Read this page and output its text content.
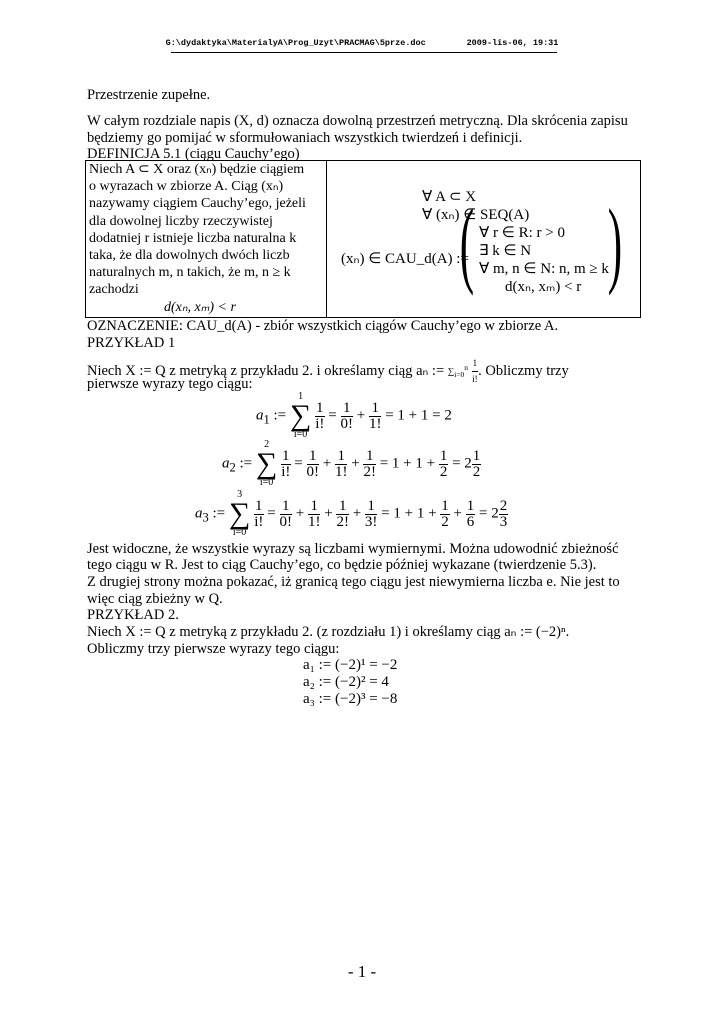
G:\dydaktyka\MaterialyA\Prog_Uzyt\PRACMAG\5prze.doc	2009-lis-06, 19:31
Przestrzenie zupełne.
W całym rozdziale napis (X, d) oznacza dowolną przestrzeń metryczną. Dla skrócenia zapisu
będziemy go pomijać w sformułowaniach wszystkich twierdzeń i definicji.
DEFINICJA 5.1 (ciągu Cauchy’ego)
Niech A ⊂ X oraz (xₙ) będzie ciągiem
o wyrazach w zbiorze A. Ciąg (xₙ)
nazywamy ciągiem Cauchy’ego, jeżeli
dla dowolnej liczby rzeczywistej
dodatniej r istnieje liczba naturalna k
taka, że dla dowolnych dwóch liczb
naturalnych m, n takich, że m, n ≥ k
zachodzi
d(xₙ, xₘ) < r

∀ A ⊂ X
∀ (xₙ) ∈ SEQ(A)
(xₙ) ∈ CAU_d(A) :=
( ∀ r ∈ R: r > 0
∃ k ∈ N
∀ m, n ∈ N: n, m ≥ k
d(xₙ, xₘ) < r )
OZNACZENIE: CAU_d(A) - zbiór wszystkich ciągów Cauchy’ego w zbiorze A.
PRZYKŁAD 1
Niech X := Q z metryką z przykładu 2. i określamy ciąg aₙ := $\sum_{i=0}^n \frac{1}{i!}$ . Obliczmy trzy
pierwsze wyrazy tego ciągu:
$a_1$ := 1
∑
i=0
$\frac{1}{i!} = \frac{1}{0!} + \frac{1}{1!} = 1 + 1 = 2$
$a_2$ := 2
∑
i=0
$\frac{1}{i!} = \frac{1}{0!} + \frac{1}{1!} + \frac{1}{2!} = 1 + 1 + \frac{1}{2} = 2 \frac{1}{2}$
$a_3$ := 3
∑
i=0
$\frac{1}{i!} = \frac{1}{0!} + \frac{1}{1!} + \frac{1}{2!} + \frac{1}{3!} = 1 + 1 + \frac{1}{2} + \frac{1}{6} = 2 \frac{2}{3}$
Jest widoczne, że wszystkie wyrazy są liczbami wymiernymi. Można udowodnić zbieżność
tego ciągu w R. Jest to ciąg Cauchy’ego, co będzie później wykazane (twierdzenie 5.3).
Z drugiej strony można pokazać, iż granicą tego ciągu jest niewymierna liczba e. Nie jest to
więc ciąg zbieżny w Q.
PRZYKŁAD 2.
Niech X := Q z metryką z przykładu 2. (z rozdziału 1) i określamy ciąg aₙ := (−2)ⁿ.
Obliczmy trzy pierwsze wyrazy tego ciągu:
a₁ := (−2)¹ = −2
a₂ := (−2)² = 4
a₃ := (−2)³ = −8
- 1 -
